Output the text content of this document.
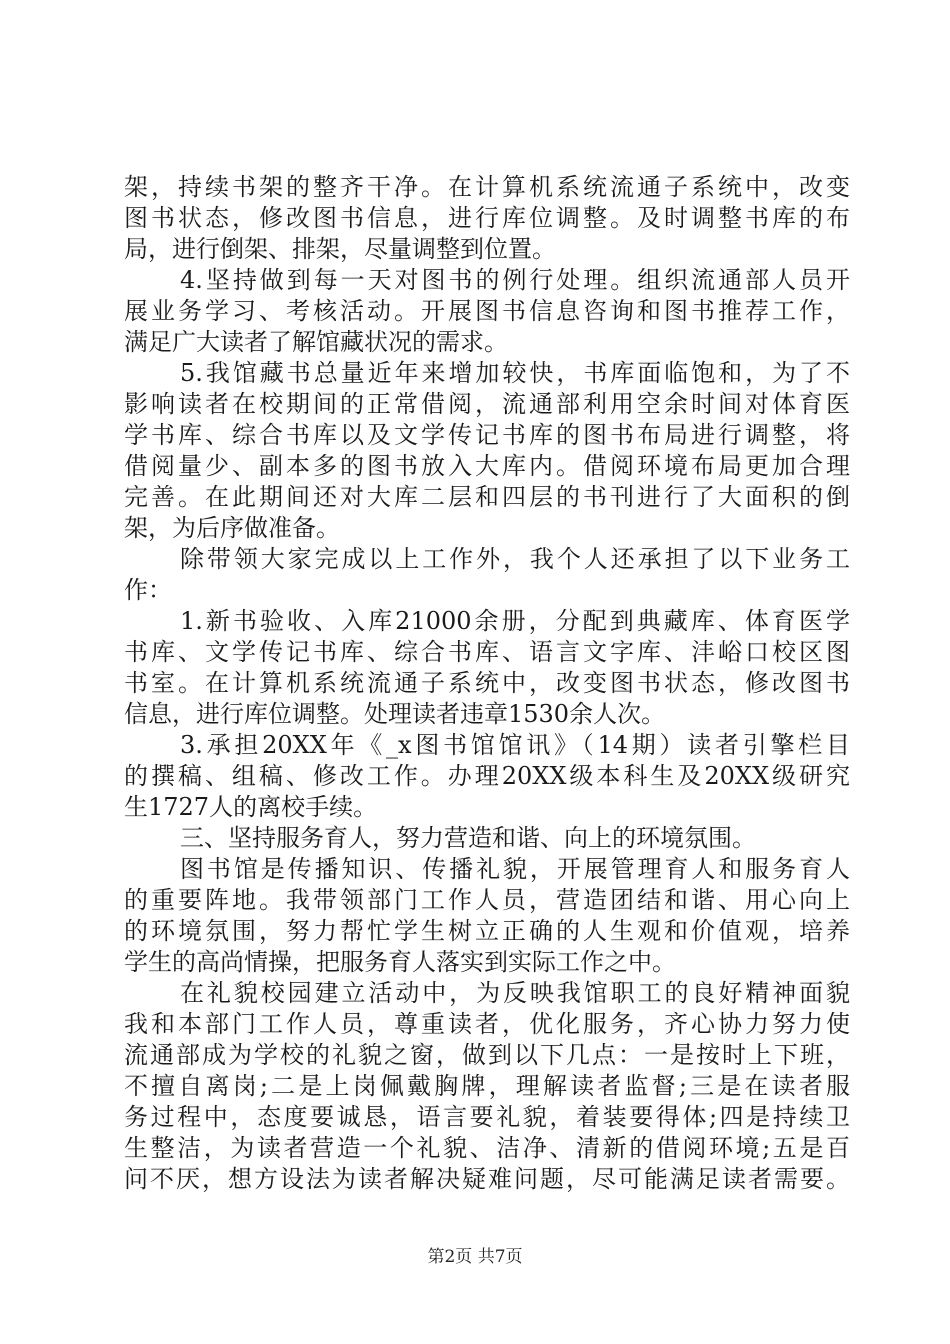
架，持续书架的整齐干净。在计算机系统流通子系统中，改变
图书状态，修改图书信息，进行库位调整。及时调整书库的布
局，进行倒架、排架，尽量调整到位置。
4.坚持做到每一天对图书的例行处理。组织流通部人员开
展业务学习、考核活动。开展图书信息咨询和图书推荐工作，
满足广大读者了解馆藏状况的需求。
5.我馆藏书总量近年来增加较快，书库面临饱和，为了不
影响读者在校期间的正常借阅，流通部利用空余时间对体育医
学书库、综合书库以及文学传记书库的图书布局进行调整，将
借阅量少、副本多的图书放入大库内。借阅环境布局更加合理
完善。在此期间还对大库二层和四层的书刊进行了大面积的倒
架，为后序做准备。
除带领大家完成以上工作外，我个人还承担了以下业务工
作：
1.新书验收、入库21000余册，分配到典藏库、体育医学
书库、文学传记书库、综合书库、语言文字库、沣峪口校区图
书室。在计算机系统流通子系统中，改变图书状态，修改图书
信息，进行库位调整。处理读者违章1530余人次。
3.承担20XX年《_x图书馆馆讯》（14期）读者引擎栏目
的撰稿、组稿、修改工作。办理20XX级本科生及20XX级研究
生1727人的离校手续。
三、坚持服务育人，努力营造和谐、向上的环境氛围。
图书馆是传播知识、传播礼貌，开展管理育人和服务育人
的重要阵地。我带领部门工作人员，营造团结和谐、用心向上
的环境氛围，努力帮忙学生树立正确的人生观和价值观，培养
学生的高尚情操，把服务育人落实到实际工作之中。
在礼貌校园建立活动中，为反映我馆职工的良好精神面貌
我和本部门工作人员，尊重读者，优化服务，齐心协力努力使
流通部成为学校的礼貌之窗，做到以下几点：一是按时上下班，
不擅自离岗;二是上岗佩戴胸牌，理解读者监督;三是在读者服
务过程中，态度要诚恳，语言要礼貌，着装要得体;四是持续卫
生整洁，为读者营造一个礼貌、洁净、清新的借阅环境;五是百
问不厌，想方设法为读者解决疑难问题，尽可能满足读者需要。
第2页 共7页
